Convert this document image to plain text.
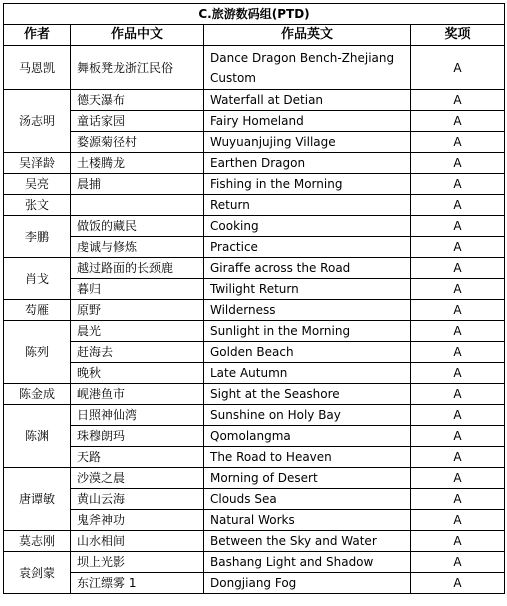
C.旅游数码组(PTD)			
作者	作品中文	作品英文	奖项
马恩凯	舞板凳龙浙江民俗	Dance Dragon Bench-Zhejiang Custom	A
汤志明	德天瀑布	Waterfall at Detian	A
	童话家园	Fairy Homeland	A
	婺源菊径村	Wuyuanjujing Village	A
吴泽龄	土楼腾龙	Earthen Dragon	A
吴亮	晨捕	Fishing in the Morning	A
张文		Return	A
李鹏	做饭的藏民	Cooking	A
	虔诚与修炼	Practice	A
肖戈	越过路面的长颈鹿	Giraffe across the Road	A
	暮归	Twilight Return	A
芶雁	原野	Wilderness	A
陈列	晨光	Sunlight in the Morning	A
	赶海去	Golden Beach	A
	晚秋	Late Autumn	A
陈金成	岘港鱼市	Sight at the Seashore	A
陈渊	日照神仙湾	Sunshine on Holy Bay	A
	珠穆朗玛	Qomolangma	A
	天路	The Road to Heaven	A
唐谭敏	沙漠之晨	Morning of Desert	A
	黄山云海	Clouds Sea	A
	鬼斧神功	Natural Works	A
莫志刚	山水相间	Between the Sky and Water	A
袁剑蒙	坝上光影	Bashang Light and Shadow	A
	东江缥雾 1	Dongjiang Fog	A
